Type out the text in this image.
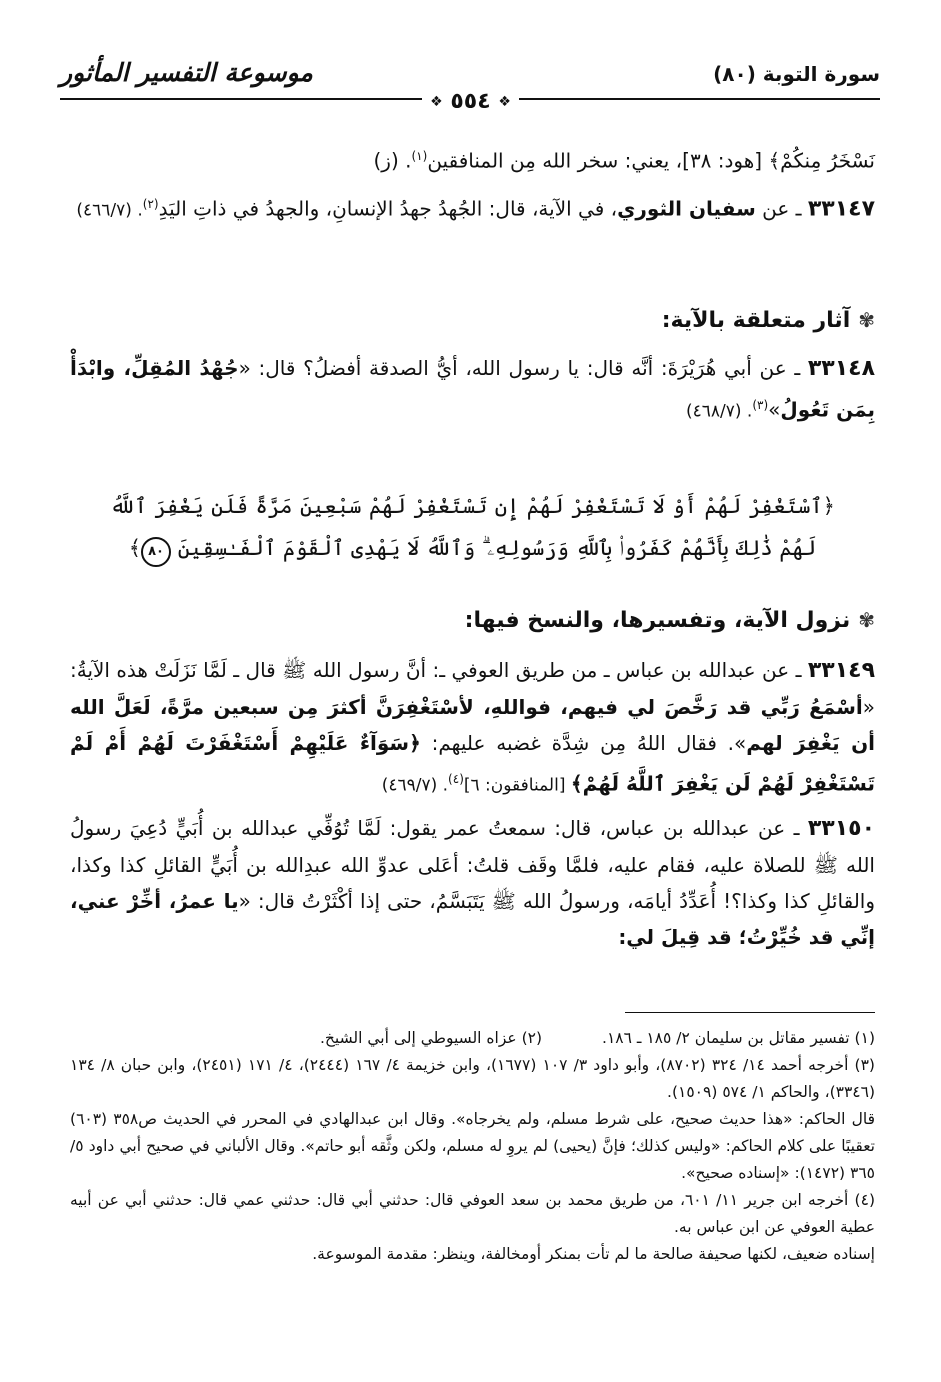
سورة التوبة (٨٠)
موسوعة التفسير المأثور
❖ ٥٥٤ ❖

نَسْخَرُ مِنكُمْ﴾ [هود: ٣٨]، يعني: سخر الله مِن المنافقين$^{(١)}$. (ز)

٣٣١٤٧ ـ عن سفيان الثوري، في الآية، قال: الجُهدُ جهدُ الإنسانِ، والجهدُ في ذاتِ اليَدِ$^{(٢)}$. (٤٦٦/٧)

✾آثار متعلقة بالآية:

٣٣١٤٨ ـ عن أبي هُرَيْرَةَ: أنَّه قال: يا رسول الله، أيُّ الصدقة أفضلُ؟ قال: «جُهْدُ المُقِلِّ، وابْدَأْ بِمَن تَعُولُ»$^{(٣)}$. (٤٦٨/٧)

﴿ٱسْتَغْفِرْ لَهُمْ أَوْ لَا تَسْتَغْفِرْ لَهُمْ إِن تَسْتَغْفِرْ لَهُمْ سَبْعِينَ مَرَّةً فَلَن يَغْفِرَ ٱللَّهُ لَهُمْ ذَٰلِكَ بِأَنَّهُمْ كَفَرُوا۟ بِٱللَّهِ وَرَسُولِهِۦ ۗ وَٱللَّهُ لَا يَهْدِى ٱلْقَوْمَ ٱلْفَـٰسِقِينَ ٨٠﴾
✾نزول الآية، وتفسيرها، والنسخ فيها:

٣٣١٤٩ ـ عن عبدالله بن عباس ـ من طريق العوفي ـ: أنَّ رسول الله ﷺ قال ـ لَمَّا نَزَلَتْ هذه الآيةُ: «أسْمَعُ رَبِّي قد رَخَّصَ لي فيهم، فواللهِ، لأسْتَغْفِرَنَّ أكثرَ مِن سبعين مرَّةً، لَعَلَّ الله أن يَغْفِرَ لهم». فقال اللهُ مِن شِدَّة غضبه عليهم: ﴿سَوَآءٌ عَلَيْهِمْ أَسْتَغْفَرْتَ لَهُمْ أَمْ لَمْ تَسْتَغْفِرْ لَهُمْ لَن يَغْفِرَ ٱللَّهُ لَهُمْ﴾ [المنافقون: ٦]$^{(٤)}$. (٤٦٩/٧)

٣٣١٥٠ ـ عن عبدالله بن عباس، قال: سمعتُ عمر يقول: لَمَّا تُوُفِّي عبدالله بن أُبَيٍّ دُعِيَ رسولُ الله ﷺ للصلاة عليه، فقام عليه، فلمَّا وقَف قلتُ: أعَلى عدوِّ الله عبدِالله بن أُبَيٍّ القائلِ كذا وكذا، والقائلِ كذا وكذا؟! أُعَدِّدُ أيامَه، ورسولُ الله ﷺ يَتَبَسَّمُ، حتى إذا أكْثَرْتُ قال: «يا عمرُ، أخِّرْ عني، إنِّي قد خُيِّرْتُ؛ قد قِيلَ لي:

(١) تفسير مقاتل بن سليمان ٢/ ١٨٥ ـ ١٨٦.
(٢) عزاه السيوطي إلى أبي الشيخ.

(٣) أخرجه أحمد ١٤/ ٣٢٤ (٨٧٠٢)، وأبو داود ٣/ ١٠٧ (١٦٧٧)، وابن خزيمة ٤/ ١٦٧ (٢٤٤٤)، ٤/ ١٧١ (٢٤٥١)، وابن حبان ٨/ ١٣٤ (٣٣٤٦)، والحاكم ١/ ٥٧٤ (١٥٠٩).

قال الحاكم: «هذا حديث صحيح، على شرط مسلم، ولم يخرجاه». وقال ابن عبدالهادي في المحرر في الحديث ص٣٥٨ (٦٠٣) تعقيبًا على كلام الحاكم: «وليس كذلك؛ فإنَّ (يحيى) لم يروِ له مسلم، ولكن وثَّقه أبو حاتم». وقال الألباني في صحيح أبي داود ٥/ ٣٦٥ (١٤٧٢): «إسناده صحيح».

(٤) أخرجه ابن جرير ١١/ ٦٠١، من طريق محمد بن سعد العوفي قال: حدثني أبي قال: حدثني عمي قال: حدثني أبي عن أبيه عطية العوفي عن ابن عباس به.

إسناده ضعيف، لكنها صحيفة صالحة ما لم تأت بمنكر أومخالفة، وينظر: مقدمة الموسوعة.
